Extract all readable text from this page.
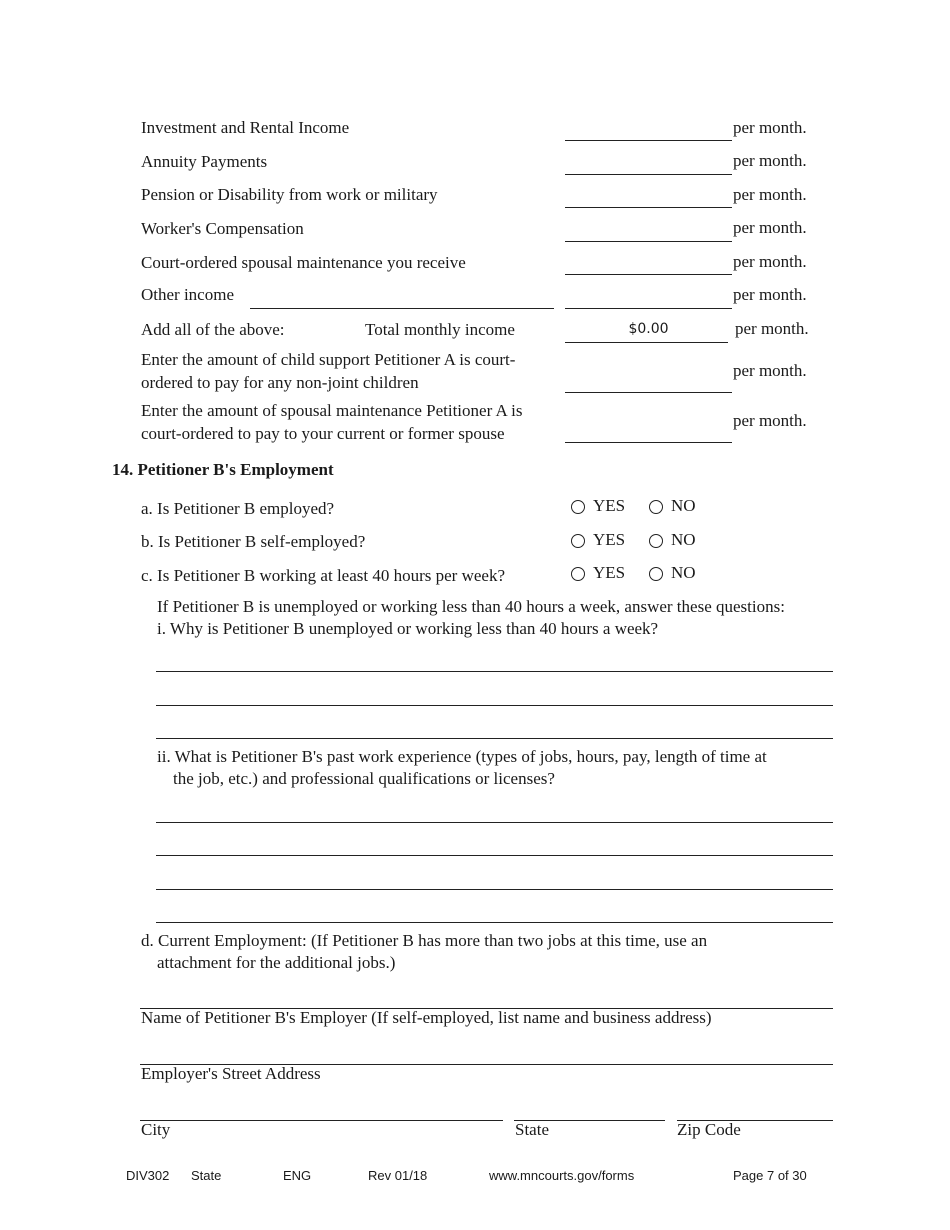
Investment and Rental Income	per month.
Annuity Payments	per month.
Pension or Disability from work or military	per month.
Worker's Compensation	per month.
Court-ordered spousal maintenance you receive	per month.
Other income	per month.
Add all of the above:	Total monthly income	$0.00	per month.
Enter the amount of child support Petitioner A is court-
ordered to pay for any non-joint children
per month.
Enter the amount of spousal maintenance Petitioner A is
court-ordered to pay to your current or former spouse
per month.
14. Petitioner B's Employment
a. Is Petitioner B employed?	YES	NO
b. Is Petitioner B self-employed?	YES	NO
c. Is Petitioner B working at least 40 hours per week?	YES	NO
If Petitioner B is unemployed or working less than 40 hours a week, answer these questions:
i. Why is Petitioner B unemployed or working less than 40 hours a week?
ii. What is Petitioner B's past work experience (types of jobs, hours, pay, length of time at
the job, etc.) and professional qualifications or licenses?
d. Current Employment: (If Petitioner B has more than two jobs at this time, use an
attachment for the additional jobs.)
Name of Petitioner B's Employer (If self-employed, list name and business address)
Employer's Street Address
City	State	Zip Code
DIV302 State	ENG	Rev 01/18	www.mncourts.gov/forms	Page 7 of 30
